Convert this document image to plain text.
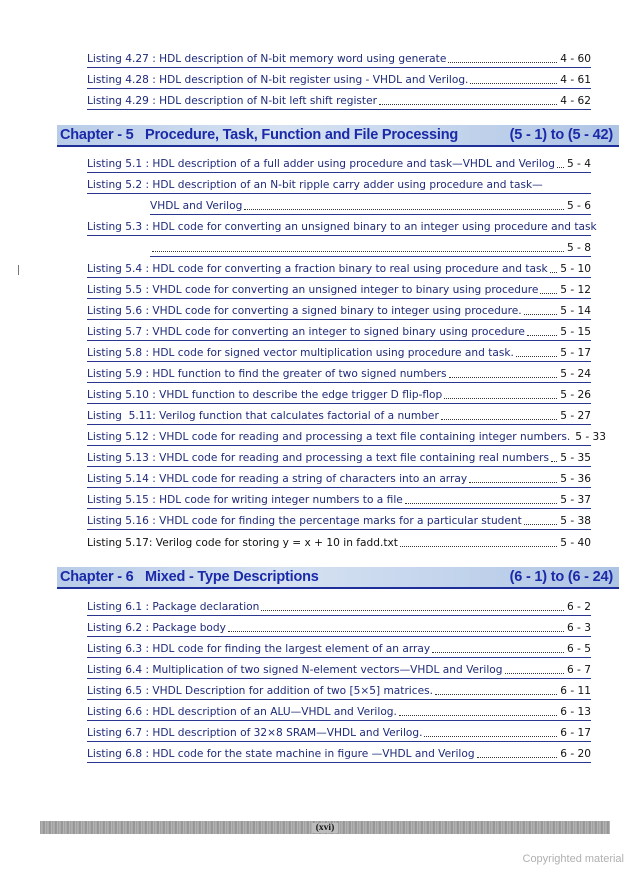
Listing 4.27 : HDL description of N-bit memory word using generate	4 - 60
Listing 4.28 : HDL description of N-bit register using - VHDL and Verilog.	4 - 61
Listing 4.29 : HDL description of N-bit left shift register	4 - 62
Chapter - 5   Procedure, Task, Function and File Processing	(5 - 1) to (5 - 42)
Listing 5.1 : HDL description of a full adder using procedure and task—VHDL and Verilog 5 - 4
Listing 5.2 : HDL description of an N-bit ripple carry adder using procedure and task—
VHDL and Verilog	5 - 6
Listing 5.3 : HDL code for converting an unsigned binary to an integer using procedure and task
5 - 8
Listing 5.4 : HDL code for converting a fraction binary to real using procedure and task 5 - 10
Listing 5.5 : VHDL code for converting an unsigned integer to binary using procedure 5 - 12
Listing 5.6 : VHDL code for converting a signed binary to integer using procedure.	5 - 14
Listing 5.7 : VHDL code for converting an integer to signed binary using procedure	5 - 15
Listing 5.8 : HDL code for signed vector multiplication using procedure and task.	5 - 17
Listing 5.9 : HDL function to find the greater of two signed numbers	5 - 24
Listing 5.10 : VHDL function to describe the edge trigger D flip-flop	5 - 26
Listing  5.11: Verilog function that calculates factorial of a number	5 - 27
Listing 5.12 : VHDL code for reading and processing a text file containing integer numbers. 5 - 33
Listing 5.13 : VHDL code for reading and processing a text file containing real numbers 5 - 35
Listing 5.14 : VHDL code for reading a string of characters into an array	5 - 36
Listing 5.15 : HDL code for writing integer numbers to a file	5 - 37
Listing 5.16 : VHDL code for finding the percentage marks for a particular student	5 - 38
Listing 5.17: Verilog code for storing y = x + 10 in fadd.txt	5 - 40
Chapter - 6   Mixed - Type Descriptions	(6 - 1) to (6 - 24)
Listing 6.1 : Package declaration	6 - 2
Listing 6.2 : Package body	6 - 3
Listing 6.3 : HDL code for finding the largest element of an array	6 - 5
Listing 6.4 : Multiplication of two signed N-element vectors—VHDL and Verilog	6 - 7
Listing 6.5 : VHDL Description for addition of two [5×5] matrices.	6 - 11
Listing 6.6 : HDL description of an ALU—VHDL and Verilog.	6 - 13
Listing 6.7 : HDL description of 32×8 SRAM—VHDL and Verilog.	6 - 17
Listing 6.8 : HDL code for the state machine in figure —VHDL and Verilog	6 - 20
(xvi)
Copyrighted material
